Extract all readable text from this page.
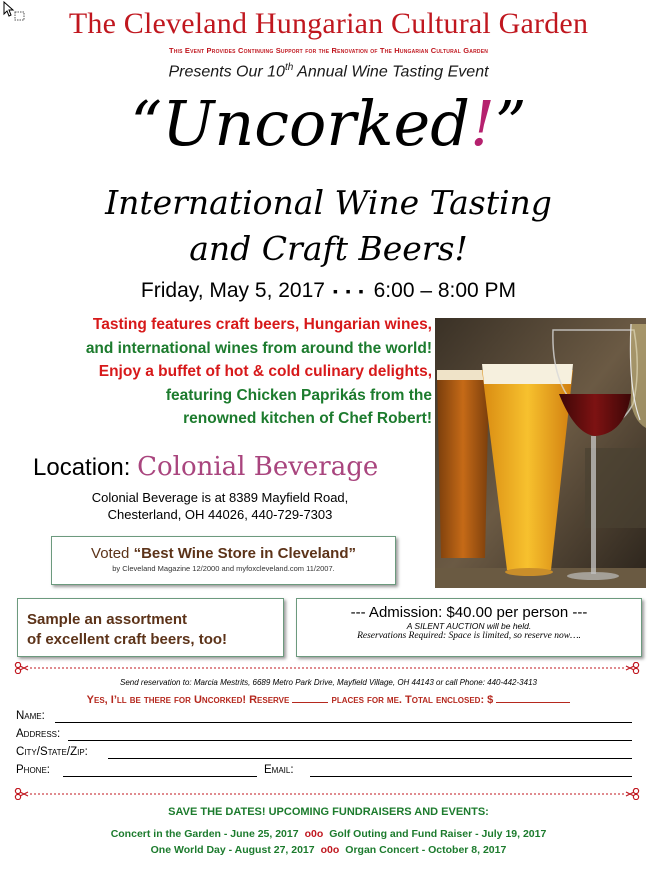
The Cleveland Hungarian Cultural Garden
This Event Provides Continuing Support for the Renovation of The Hungarian Cultural Garden
Presents Our 10th Annual Wine Tasting Event
“Uncorked!”
International Wine Tasting
and Craft Beers!
Friday, May 5, 2017 ▪ ▪ ▪ 6:00 – 8:00 PM
Tasting features craft beers, Hungarian wines,
and international wines from around the world!
Enjoy a buffet of hot & cold culinary delights,
featuring Chicken Paprikás from the
renowned kitchen of Chef Robert!
Location: Colonial Beverage
Colonial Beverage is at 8389 Mayfield Road,
Chesterland, OH 44026, 440-729-7303
Voted “Best Wine Store in Cleveland”
by Cleveland Magazine 12/2000 and myfoxcleveland.com 11/2007.
Sample an assortment
of excellent craft beers, too!
--- Admission: $40.00 per person ---
A SILENT AUCTION will be held.
Reservations Required: Space is limited, so reserve now….
Send reservation to: Marcia Mestrits, 6689 Metro Park Drive, Mayfield Village, OH 44143 or call Phone: 440-442-3413
Yes, I’ll be there for Uncorked! Reserve	places for me. Total enclosed: $
Name:
Address:
City/State/Zip:
Phone:	Email:
SAVE THE DATES! UPCOMING FUNDRAISERS AND EVENTS:
Concert in the Garden - June 25, 2017 o0o Golf Outing and Fund Raiser - July 19, 2017
One World Day - August 27, 2017 o0o Organ Concert - October 8, 2017
